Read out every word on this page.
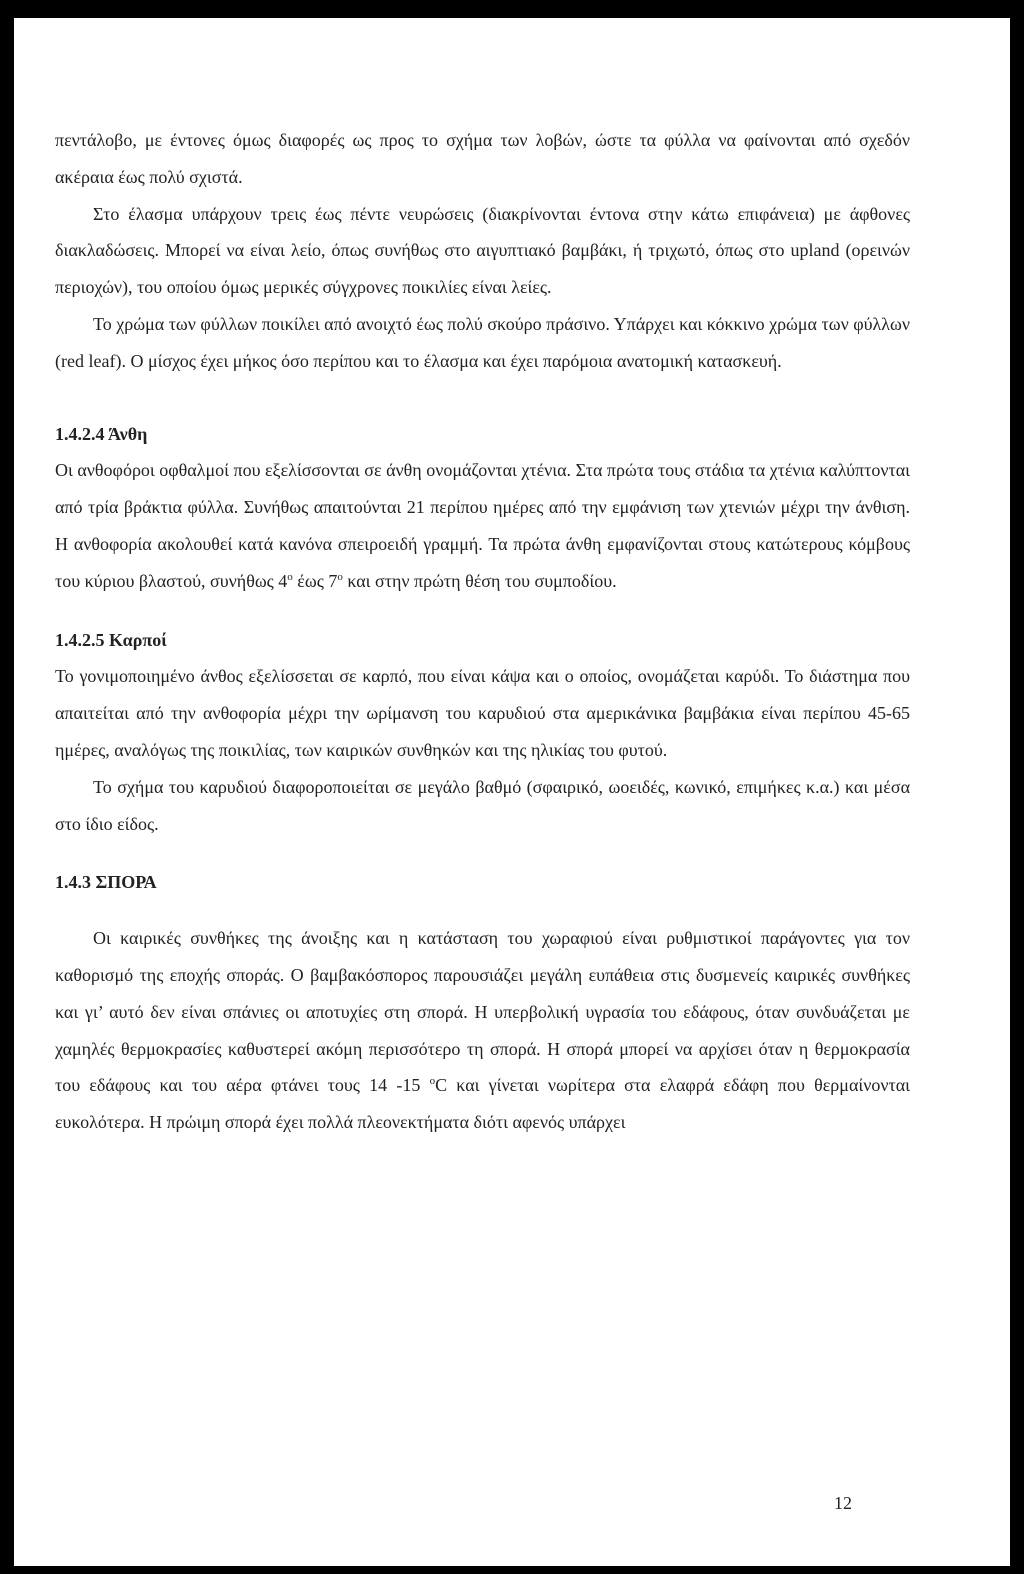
πεντάλοβο, με έντονες όμως διαφορές ως προς το σχήμα των λοβών, ώστε τα φύλλα να φαίνονται από σχεδόν ακέραια έως πολύ σχιστά.

Στο έλασμα υπάρχουν τρεις έως πέντε νευρώσεις (διακρίνονται έντονα στην κάτω επιφάνεια) με άφθονες διακλαδώσεις. Μπορεί να είναι λείο, όπως συνήθως στο αιγυπτιακό βαμβάκι, ή τριχωτό, όπως στο upland (ορεινών περιοχών), του οποίου όμως μερικές σύγχρονες ποικιλίες είναι λείες.

Το χρώμα των φύλλων ποικίλει από ανοιχτό έως πολύ σκούρο πράσινο. Υπάρχει και κόκκινο χρώμα των φύλλων (red leaf). Ο μίσχος έχει μήκος όσο περίπου και το έλασμα και έχει παρόμοια ανατομική κατασκευή.

1.4.2.4 Άνθη

Οι ανθοφόροι οφθαλμοί που εξελίσσονται σε άνθη ονομάζονται χτένια. Στα πρώτα τους στάδια τα χτένια καλύπτονται από τρία βράκτια φύλλα. Συνήθως απαιτούνται 21 περίπου ημέρες από την εμφάνιση των χτενιών μέχρι την άνθιση. Η ανθοφορία ακολουθεί κατά κανόνα σπειροειδή γραμμή. Τα πρώτα άνθη εμφανίζονται στους κατώτερους κόμβους του κύριου βλαστού, συνήθως $4^o$ έως $7^o$ και στην πρώτη θέση του συμποδίου.

1.4.2.5 Καρποί

Το γονιμοποιημένο άνθος εξελίσσεται σε καρπό, που είναι κάψα και ο οποίος, ονομάζεται καρύδι. Το διάστημα που απαιτείται από την ανθοφορία μέχρι την ωρίμανση του καρυδιού στα αμερικάνικα βαμβάκια είναι περίπου 45-65 ημέρες, αναλόγως της ποικιλίας, των καιρικών συνθηκών και της ηλικίας του φυτού.

Το σχήμα του καρυδιού διαφοροποιείται σε μεγάλο βαθμό (σφαιρικό, ωοειδές, κωνικό, επιμήκες κ.α.) και μέσα στο ίδιο είδος.

1.4.3 ΣΠΟΡΑ

Οι καιρικές συνθήκες της άνοιξης και η κατάσταση του χωραφιού είναι ρυθμιστικοί παράγοντες για τον καθορισμό της εποχής σποράς. Ο βαμβακόσπορος παρουσιάζει μεγάλη ευπάθεια στις δυσμενείς καιρικές συνθήκες και γι’ αυτό δεν είναι σπάνιες οι αποτυχίες στη σπορά. Η υπερβολική υγρασία του εδάφους, όταν συνδυάζεται με χαμηλές θερμοκρασίες καθυστερεί ακόμη περισσότερο τη σπορά. Η σπορά μπορεί να αρχίσει όταν η θερμοκρασία του εδάφους και του αέρα φτάνει τους 14 -15 $^o$C και γίνεται νωρίτερα στα ελαφρά εδάφη που θερμαίνονται ευκολότερα. Η πρώιμη σπορά έχει πολλά πλεονεκτήματα διότι αφενός υπάρχει

12
